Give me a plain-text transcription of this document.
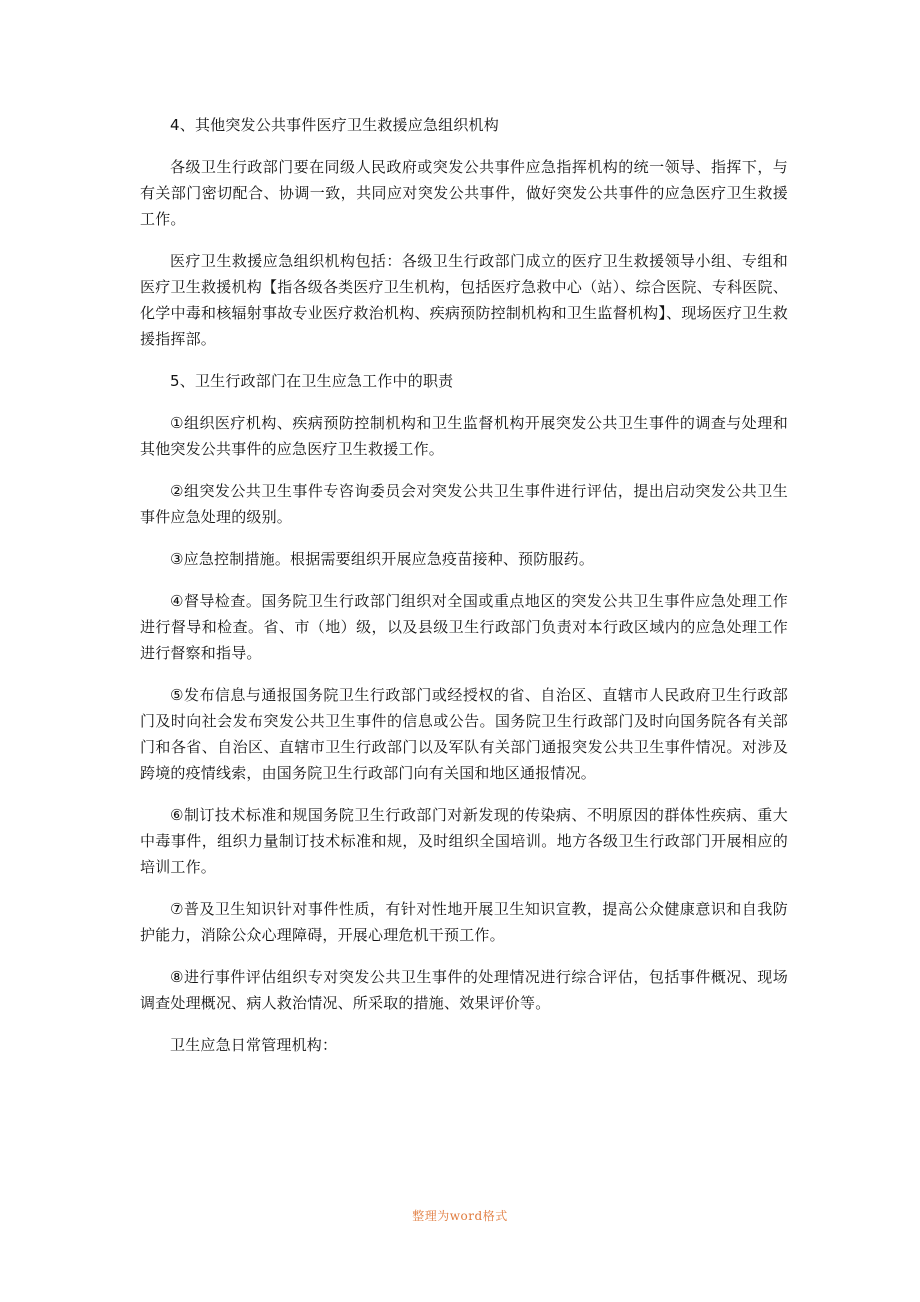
4、其他突发公共事件医疗卫生救援应急组织机构

各级卫生行政部门要在同级人民政府或突发公共事件应急指挥机构的统一领导、指挥下，与有关部门密切配合、协调一致，共同应对突发公共事件，做好突发公共事件的应急医疗卫生救援工作。

医疗卫生救援应急组织机构包括：各级卫生行政部门成立的医疗卫生救援领导小组、专组和医疗卫生救援机构【指各级各类医疗卫生机构，包括医疗急救中心（站）、综合医院、专科医院、化学中毒和核辐射事故专业医疗救治机构、疾病预防控制机构和卫生监督机构】、现场医疗卫生救援指挥部。

5、卫生行政部门在卫生应急工作中的职责

①组织医疗机构、疾病预防控制机构和卫生监督机构开展突发公共卫生事件的调查与处理和其他突发公共事件的应急医疗卫生救援工作。

②组突发公共卫生事件专咨询委员会对突发公共卫生事件进行评估，提出启动突发公共卫生事件应急处理的级别。

③应急控制措施。根据需要组织开展应急疫苗接种、预防服药。

④督导检查。国务院卫生行政部门组织对全国或重点地区的突发公共卫生事件应急处理工作进行督导和检查。省、市（地）级，以及县级卫生行政部门负责对本行政区域内的应急处理工作进行督察和指导。

⑤发布信息与通报国务院卫生行政部门或经授权的省、自治区、直辖市人民政府卫生行政部门及时向社会发布突发公共卫生事件的信息或公告。国务院卫生行政部门及时向国务院各有关部门和各省、自治区、直辖市卫生行政部门以及军队有关部门通报突发公共卫生事件情况。对涉及跨境的疫情线索，由国务院卫生行政部门向有关国和地区通报情况。

⑥制订技术标准和规国务院卫生行政部门对新发现的传染病、不明原因的群体性疾病、重大中毒事件，组织力量制订技术标准和规，及时组织全国培训。地方各级卫生行政部门开展相应的培训工作。

⑦普及卫生知识针对事件性质，有针对性地开展卫生知识宣教，提高公众健康意识和自我防护能力，消除公众心理障碍，开展心理危机干预工作。

⑧进行事件评估组织专对突发公共卫生事件的处理情况进行综合评估，包括事件概况、现场调查处理概况、病人救治情况、所采取的措施、效果评价等。

卫生应急日常管理机构：

整理为word格式
